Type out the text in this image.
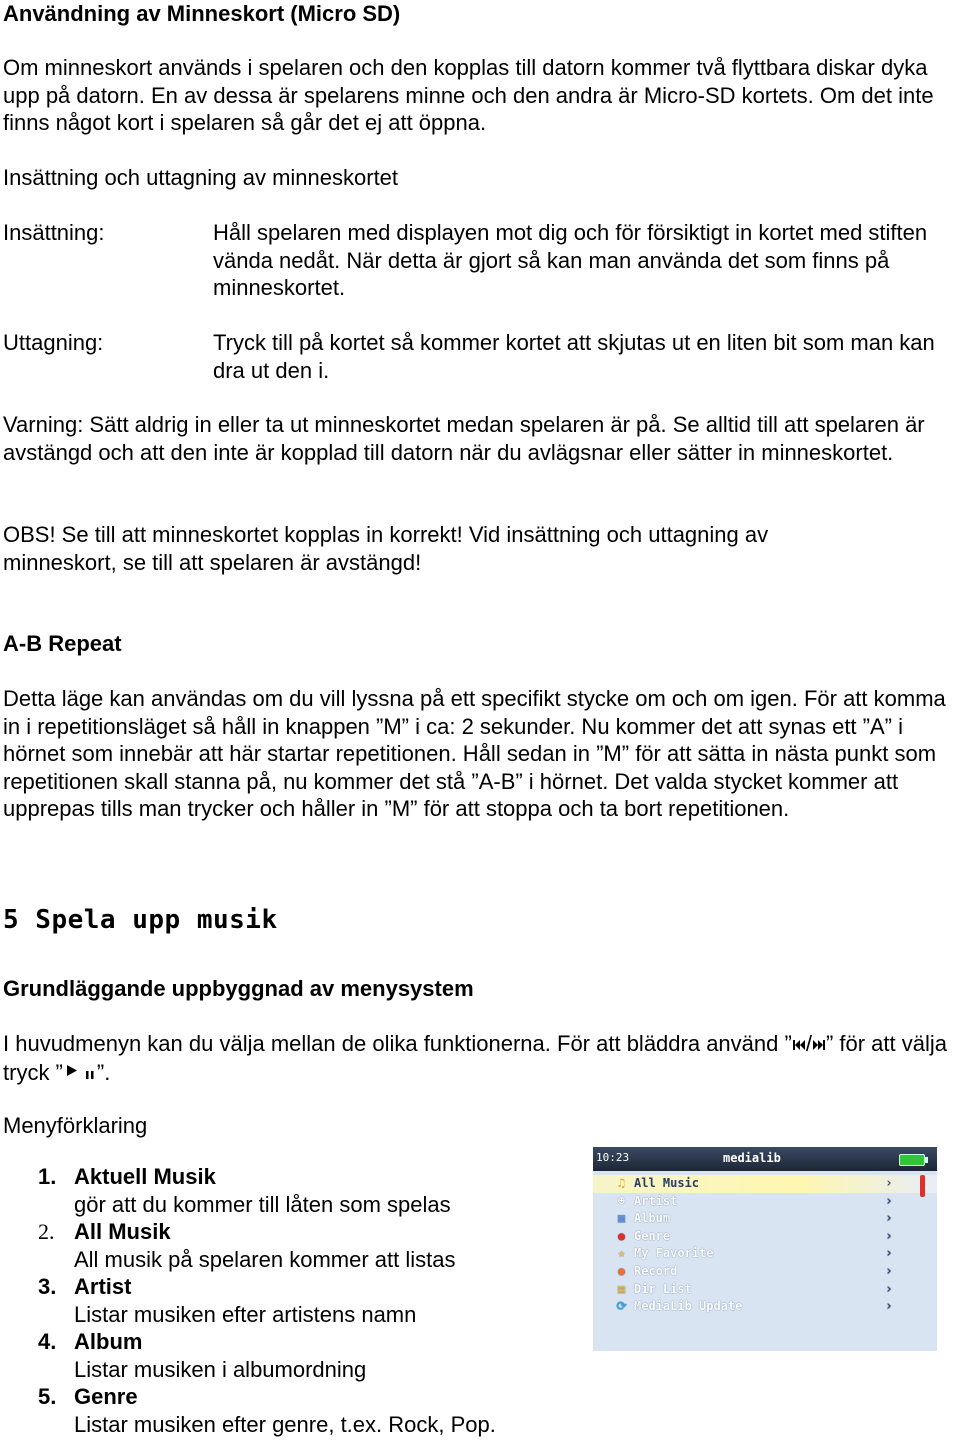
Användning av Minneskort (Micro SD)

Om minneskort används i spelaren och den kopplas till datorn kommer två flyttbara diskar dyka upp på datorn. En av dessa är spelarens minne och den andra är Micro-SD kortets. Om det inte finns något kort i spelaren så går det ej att öppna.

Insättning och uttagning av minneskortet
Insättning:	Håll spelaren med displayen mot dig och för försiktigt in kortet med stiften vända nedåt. När detta är gjort så kan man använda det som finns på minneskortet.

Uttagning:	Tryck till på kortet så kommer kortet att skjutas ut en liten bit som man kan dra ut den i.

Varning: Sätt aldrig in eller ta ut minneskortet medan spelaren är på. Se alltid till att spelaren är avstängd och att den inte är kopplad till datorn när du avlägsnar eller sätter in minneskortet.

OBS! Se till att minneskortet kopplas in korrekt! Vid insättning och uttagning av minneskort, se till att spelaren är avstängd!

A-B Repeat

Detta läge kan användas om du vill lyssna på ett specifikt stycke om och om igen. För att komma in i repetitionsläget så håll in knappen ”M” i ca: 2 sekunder. Nu kommer det att synas ett ”A” i hörnet som innebär att här startar repetitionen. Håll sedan in ”M” för att sätta in nästa punkt som repetitionen skall stanna på, nu kommer det stå ”A-B” i hörnet. Det valda stycket kommer att upprepas tills man trycker och håller in ”M” för att stoppa och ta bort repetitionen.

5 Spela upp musik
Grundläggande uppbyggnad av menysystem

I huvudmenyn kan du välja mellan de olika funktionerna. För att bläddra använd ” / ” för att välja tryck ” ”.

Menyförklaring
1. Aktuell Musik
gör att du kommer till låten som spelas
2. All Musik
All musik på spelaren kommer att listas
3. Artist
Listar musiken efter artistens namn
4. Album
Listar musiken i albumordning
5. Genre
Listar musiken efter genre, t.ex. Rock, Pop.
10:23	medialib
♫ All Music	›
☻ Artist	›
▣ Album	›
● Genre	›
★ My Favorite	›
◉ Record	›
▤ Dir List	›
⟳ MediaLib Update	›
